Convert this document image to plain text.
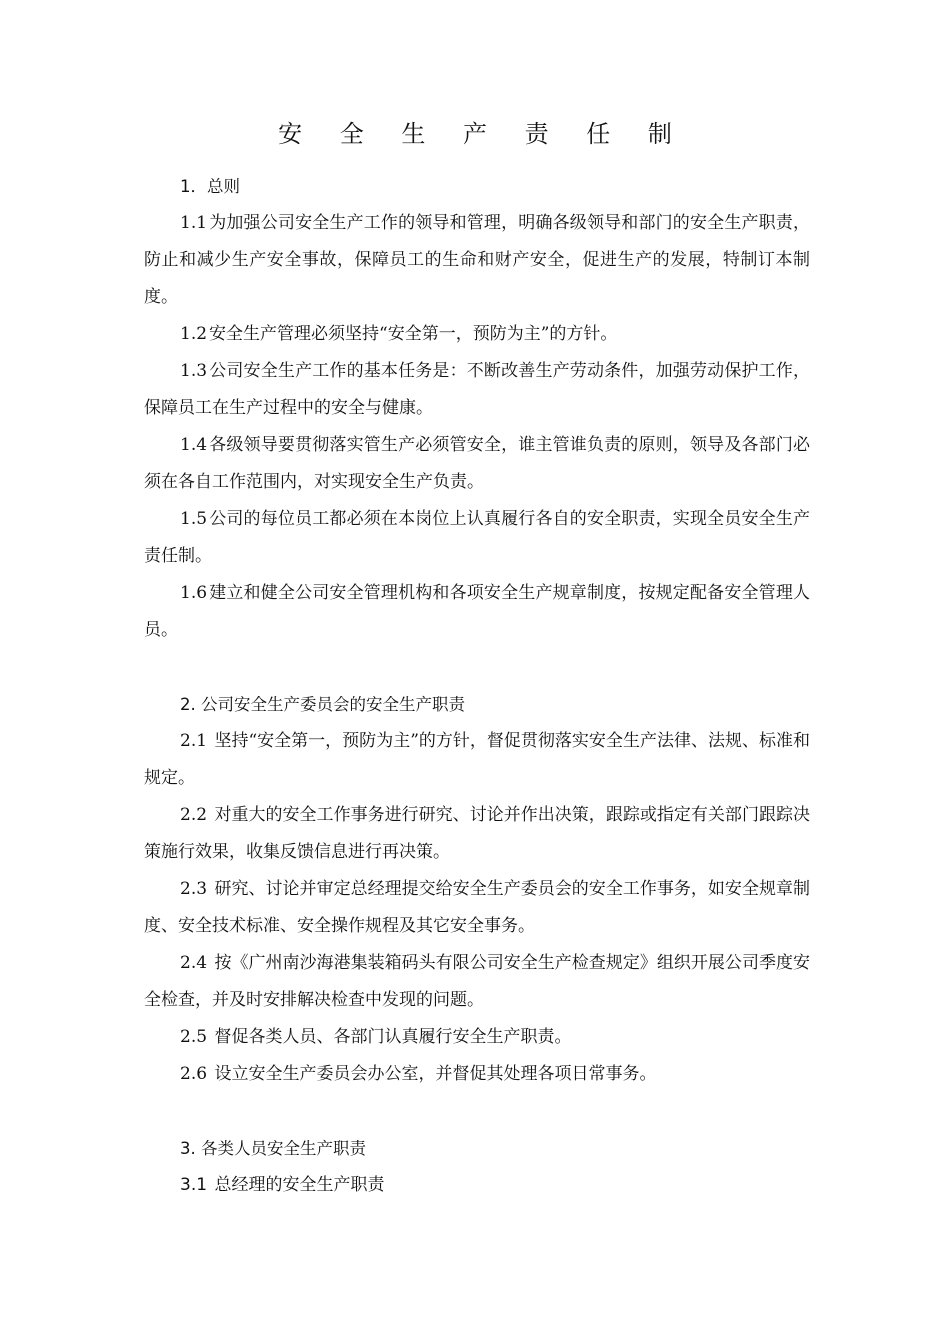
安 全 生 产 责 任 制

1．总则

1.1 为加强公司安全生产工作的领导和管理，明确各级领导和部门的安全生产职责，防止和减少生产安全事故，保障员工的生命和财产安全，促进生产的发展，特制订本制度。

1.2 安全生产管理必须坚持“安全第一，预防为主”的方针。

1.3 公司安全生产工作的基本任务是：不断改善生产劳动条件，加强劳动保护工作，保障员工在生产过程中的安全与健康。

1.4 各级领导要贯彻落实管生产必须管安全，谁主管谁负责的原则，领导及各部门必须在各自工作范围内，对实现安全生产负责。

1.5 公司的每位员工都必须在本岗位上认真履行各自的安全职责，实现全员安全生产责任制。

1.6 建立和健全公司安全管理机构和各项安全生产规章制度，按规定配备安全管理人员。

2. 公司安全生产委员会的安全生产职责

2.1 坚持“安全第一，预防为主”的方针，督促贯彻落实安全生产法律、法规、标准和规定。

2.2 对重大的安全工作事务进行研究、讨论并作出决策，跟踪或指定有关部门跟踪决策施行效果，收集反馈信息进行再决策。

2.3 研究、讨论并审定总经理提交给安全生产委员会的安全工作事务，如安全规章制度、安全技术标准、安全操作规程及其它安全事务。

2.4 按《广州南沙海港集装箱码头有限公司安全生产检查规定》组织开展公司季度安全检查，并及时安排解决检查中发现的问题。

2.5 督促各类人员、各部门认真履行安全生产职责。

2.6 设立安全生产委员会办公室，并督促其处理各项日常事务。

3. 各类人员安全生产职责

3.1 总经理的安全生产职责
